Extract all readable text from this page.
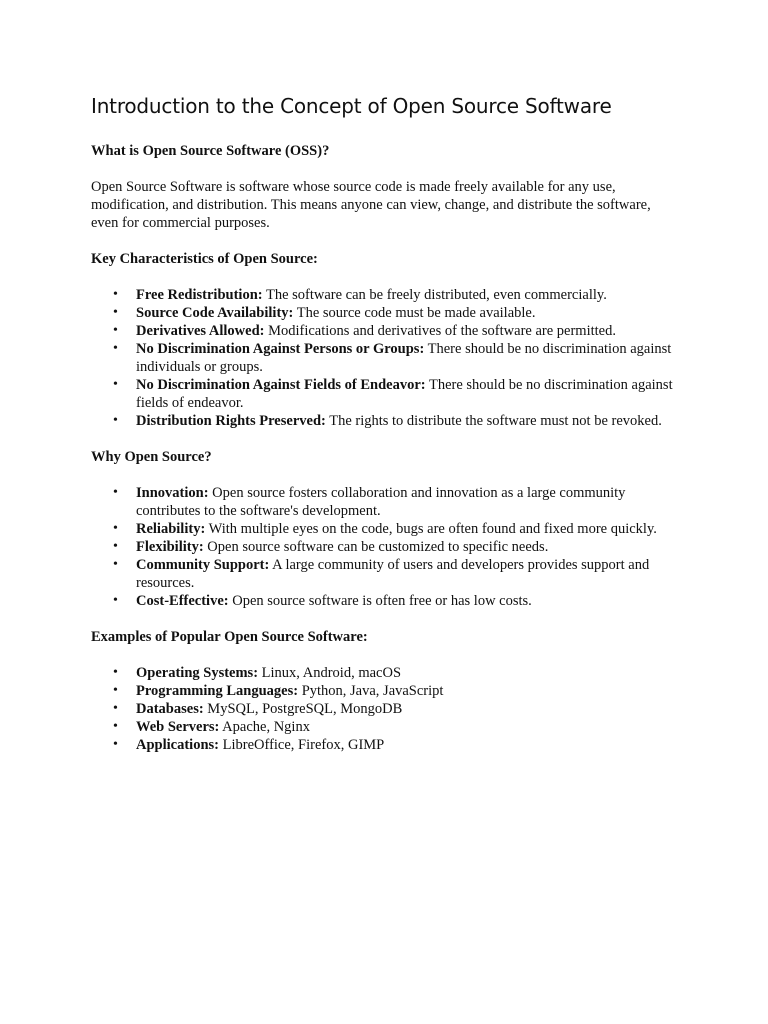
Introduction to the Concept of Open Source Software
What is Open Source Software (OSS)?

Open Source Software is software whose source code is made freely available for any use, modification, and distribution. This means anyone can view, change, and distribute the software, even for commercial purposes.

Key Characteristics of Open Source:
• Free Redistribution: The software can be freely distributed, even commercially.
• Source Code Availability: The source code must be made available.
• Derivatives Allowed: Modifications and derivatives of the software are permitted.
• No Discrimination Against Persons or Groups: There should be no discrimination against individuals or groups.
• No Discrimination Against Fields of Endeavor: There should be no discrimination against fields of endeavor.
• Distribution Rights Preserved: The rights to distribute the software must not be revoked.
Why Open Source?
• Innovation: Open source fosters collaboration and innovation as a large community contributes to the software's development.
• Reliability: With multiple eyes on the code, bugs are often found and fixed more quickly.
• Flexibility: Open source software can be customized to specific needs.
• Community Support: A large community of users and developers provides support and resources.
• Cost-Effective: Open source software is often free or has low costs.
Examples of Popular Open Source Software:
• Operating Systems: Linux, Android, macOS
• Programming Languages: Python, Java, JavaScript
• Databases: MySQL, PostgreSQL, MongoDB
• Web Servers: Apache, Nginx
• Applications: LibreOffice, Firefox, GIMP
